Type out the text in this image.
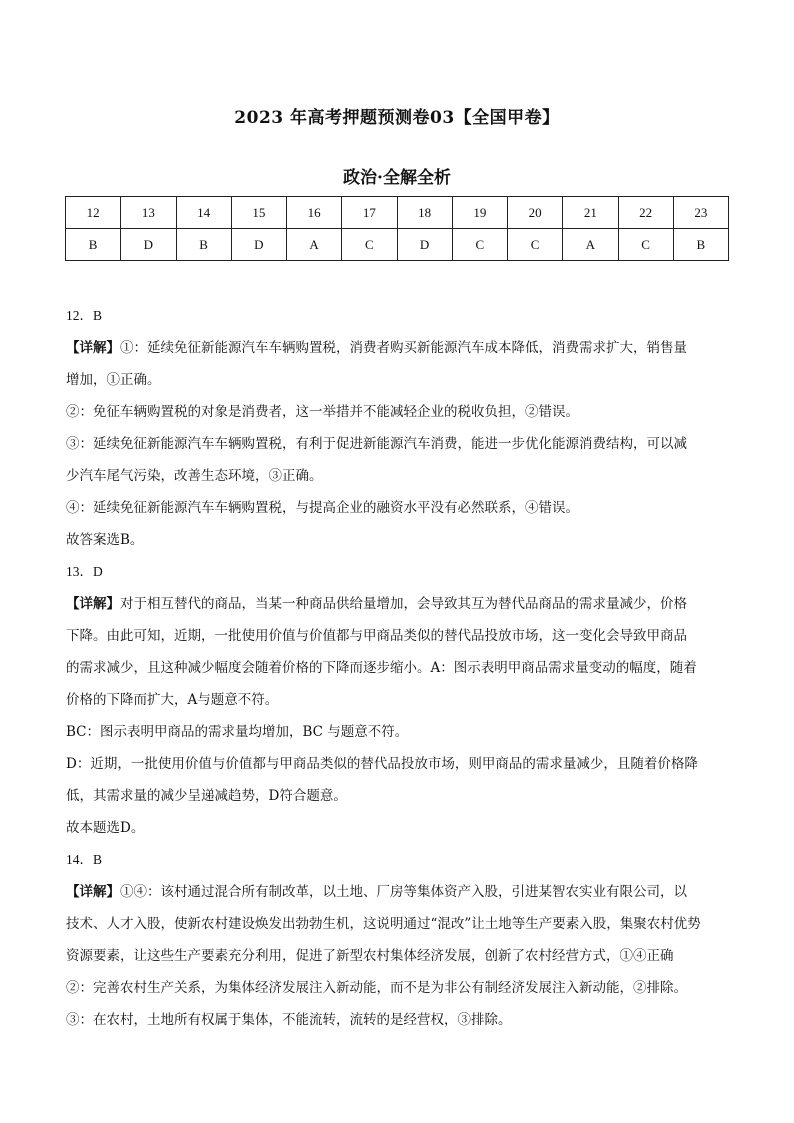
2023 年高考押题预测卷03【全国甲卷】
政治·全解全析
12	13	14	15	16	17	18	19	20	21	22	23
B	D	B	D	A	C	D	C	C	A	C	B

12．B

【详解】①：延续免征新能源汽车车辆购置税，消费者购买新能源汽车成本降低，消费需求扩大，销售量

增加，①正确。

②：免征车辆购置税的对象是消费者，这一举措并不能减轻企业的税收负担，②错误。

③：延续免征新能源汽车车辆购置税，有利于促进新能源汽车消费，能进一步优化能源消费结构，可以减

少汽车尾气污染，改善生态环境，③正确。

④：延续免征新能源汽车车辆购置税，与提高企业的融资水平没有必然联系，④错误。

故答案选B。

13．D

【详解】对于相互替代的商品，当某一种商品供给量增加，会导致其互为替代品商品的需求量减少，价格

下降。由此可知，近期，一批使用价值与价值都与甲商品类似的替代品投放市场，这一变化会导致甲商品

的需求减少，且这种减少幅度会随着价格的下降而逐步缩小。A：图示表明甲商品需求量变动的幅度，随着

价格的下降而扩大，A与题意不符。

BC：图示表明甲商品的需求量均增加，BC 与题意不符。

D：近期，一批使用价值与价值都与甲商品类似的替代品投放市场，则甲商品的需求量减少，且随着价格降

低，其需求量的减少呈递减趋势，D符合题意。

故本题选D。

14．B

【详解】①④：该村通过混合所有制改革，以土地、厂房等集体资产入股，引进某智农实业有限公司，以

技术、人才入股，使新农村建设焕发出勃勃生机，这说明通过“混改”让土地等生产要素入股，集聚农村优势

资源要素，让这些生产要素充分利用，促进了新型农村集体经济发展，创新了农村经营方式，①④正确

②：完善农村生产关系，为集体经济发展注入新动能，而不是为非公有制经济发展注入新动能，②排除。

③：在农村，土地所有权属于集体，不能流转，流转的是经营权，③排除。
